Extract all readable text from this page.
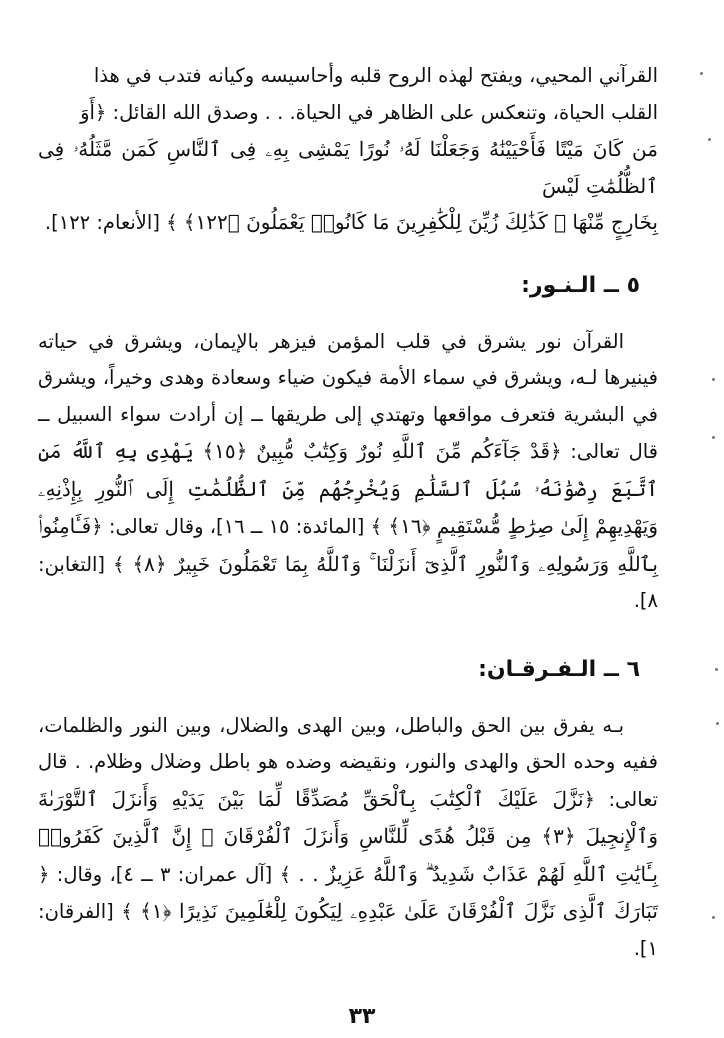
القرآني المحيي، ويفتح لهذه الروح قلبه وأحاسيسه وكيانه فتدب في هذا
القلب الحياة، وتنعكس على الظاهر في الحياة. . . وصدق الله القائل: ﴿أَوَ
مَن كَانَ مَيْتًا فَأَحْيَيْنَٰهُ وَجَعَلْنَا لَهُۥ نُورًا يَمْشِى بِهِۦ فِى ٱلنَّاسِ كَمَن مَّثَلُهُۥ فِى ٱلظُّلُمَٰتِ لَيْسَ
بِخَارِجٍ مِّنْهَا ۚ كَذَٰلِكَ زُيِّنَ لِلْكَٰفِرِينَ مَا كَانُوا۟ يَعْمَلُونَ ﴿١٢٢﴾ ﴾ [الأنعام: ١٢٢].

٥ ــ الـنـور:

القرآن نور يشرق في قلب المؤمن فيزهر بالإيمان، ويشرق في حياته فينيرها لـه، ويشرق في سماء الأمة فيكون ضياء وسعادة وهدى وخيراً، ويشرق في البشرية فتعرف مواقعها وتهتدي إلى طريقها ــ إن أرادت سواء السبيل ــ قال تعالى: ﴿قَدْ جَآءَكُم مِّنَ ٱللَّهِ نُورٌ وَكِتَٰبٌ مُّبِينٌ ﴿١٥﴾ يَهْدِى بِهِ ٱللَّهُ مَنِ ٱتَّبَعَ رِضْوَٰنَهُۥ سُبُلَ ٱلسَّلَٰمِ وَيُخْرِجُهُم مِّنَ ٱلظُّلُمَٰتِ إِلَى ٱلنُّورِ بِإِذْنِهِۦ وَيَهْدِيهِمْ إِلَىٰ صِرَٰطٍ مُّسْتَقِيمٍ ﴿١٦﴾ ﴾ [المائدة: ١٥ ــ ١٦]، وقال تعالى: ﴿فَـَٔامِنُوا۟ بِٱللَّهِ وَرَسُولِهِۦ وَٱلنُّورِ ٱلَّذِىٓ أَنزَلْنَا ۚ وَٱللَّهُ بِمَا تَعْمَلُونَ خَبِيرٌ ﴿٨﴾ ﴾ [التغابن: ٨].

٦ ــ الـفـرقـان:

بـه يفرق بين الحق والباطل، وبين الهدى والضلال، وبين النور والظلمات، ففيه وحده الحق والهدى والنور، ونقيضه وضده هو باطل وضلال وظلام. . قال تعالى: ﴿نَزَّلَ عَلَيْكَ ٱلْكِتَٰبَ بِٱلْحَقِّ مُصَدِّقًا لِّمَا بَيْنَ يَدَيْهِ وَأَنزَلَ ٱلتَّوْرَىٰةَ وَٱلْإِنجِيلَ ﴿٣﴾ مِن قَبْلُ هُدًى لِّلنَّاسِ وَأَنزَلَ ٱلْفُرْقَانَ ۗ إِنَّ ٱلَّذِينَ كَفَرُوا۟ بِـَٔايَٰتِ ٱللَّهِ لَهُمْ عَذَابٌ شَدِيدٌ ۗ وَٱللَّهُ عَزِيزٌ . . ﴾ [آل عمران: ٣ ــ ٤]، وقال: ﴿ تَبَارَكَ ٱلَّذِى نَزَّلَ ٱلْفُرْقَانَ عَلَىٰ عَبْدِهِۦ لِيَكُونَ لِلْعَٰلَمِينَ نَذِيرًا ﴿١﴾ ﴾ [الفرقان: ١].

٣٣
